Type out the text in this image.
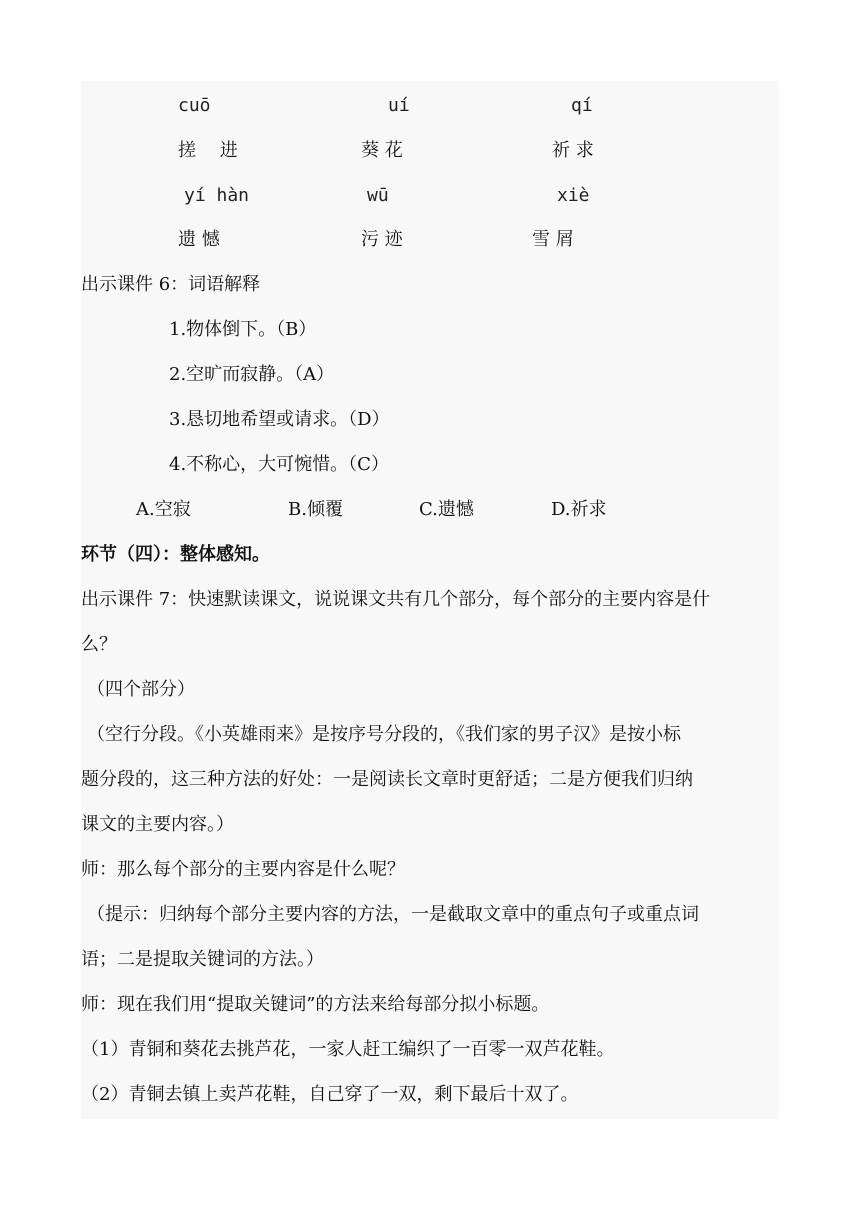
cuō	uí	qí
搓　 进	葵 花	祈 求
yí hàn	wū	xiè
遗 憾	污 迹	雪 屑
出示课件 6：词语解释
1.物体倒下。（B）
2.空旷而寂静。（A）
3.恳切地希望或请求。（D）
4.不称心，大可惋惜。（C）
A.空寂	B.倾覆	C.遗憾	D.祈求
环节（四）：整体感知。
出示课件 7：快速默读课文，说说课文共有几个部分，每个部分的主要内容是什
么？
（四个部分）
（空行分段。《小英雄雨来》是按序号分段的，《我们家的男子汉》是按小标
题分段的，这三种方法的好处：一是阅读长文章时更舒适；二是方便我们归纳
课文的主要内容。）
师：那么每个部分的主要内容是什么呢？
（提示：归纳每个部分主要内容的方法，一是截取文章中的重点句子或重点词
语；二是提取关键词的方法。）
师：现在我们用“提取关键词”的方法来给每部分拟小标题。
（1）青铜和葵花去挑芦花，一家人赶工编织了一百零一双芦花鞋。
（2）青铜去镇上卖芦花鞋，自己穿了一双，剩下最后十双了。
